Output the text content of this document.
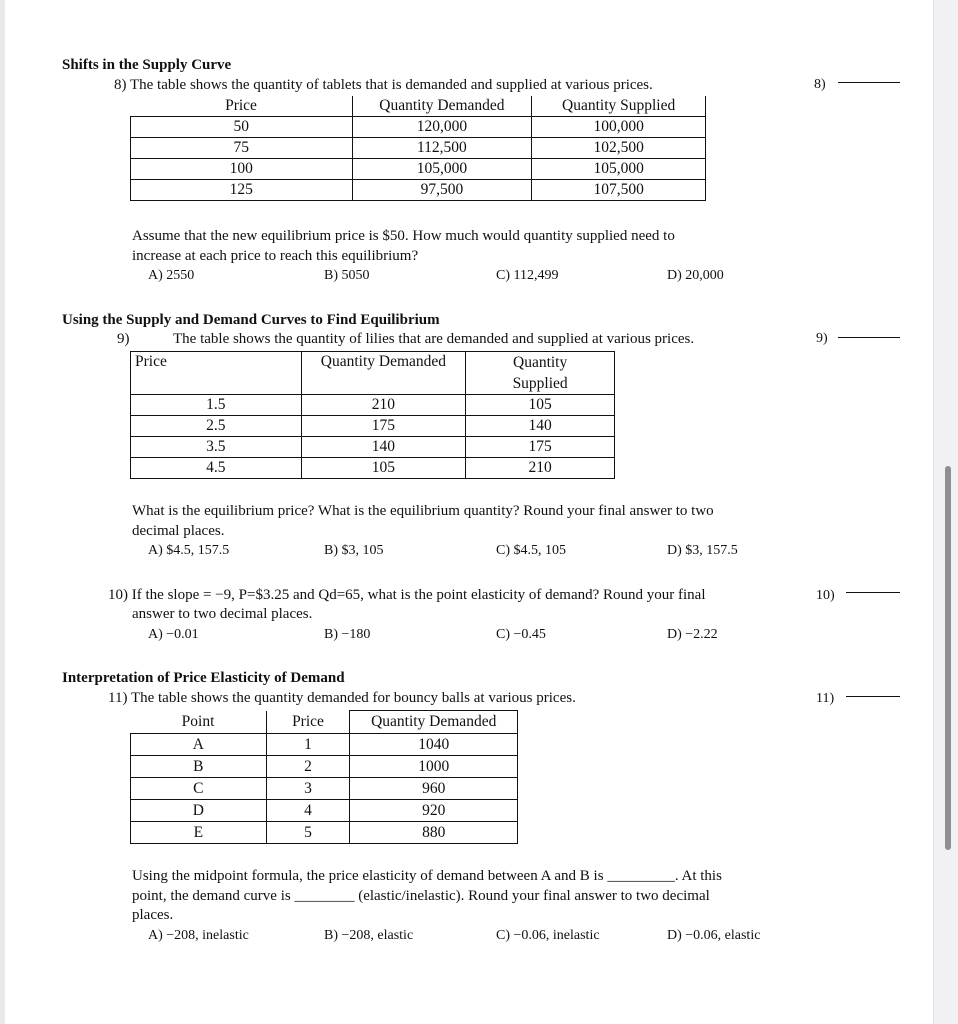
Shifts in the Supply Curve
8) The table shows the quantity of tablets that is demanded and supplied at various prices.	8)
Price	Quantity Demanded	Quantity Supplied
50	120,000	100,000
75	112,500	102,500
100	105,000	105,000
125	97,500	107,500
Assume that the new equilibrium price is $50. How much would quantity supplied need to
increase at each price to reach this equilibrium?
A) 2550	B) 5050	C) 112,499	D) 20,000
Using the Supply and Demand Curves to Find Equilibrium
9)	The table shows the quantity of lilies that are demanded and supplied at various prices.	9)
Price	Quantity Demanded	Quantity
Supplied

1.5	210	105
2.5	175	140
3.5	140	175
4.5	105	210
What is the equilibrium price? What is the equilibrium quantity? Round your final answer to two
decimal places.
A) $4.5, 157.5	B) $3, 105	C) $4.5, 105	D) $3, 157.5
10) If the slope = −9, P=$3.25 and Qd=65, what is the point elasticity of demand? Round your final
answer to two decimal places.
10)
A) −0.01	B) −180	C) −0.45	D) −2.22
Interpretation of Price Elasticity of Demand
11) The table shows the quantity demanded for bouncy balls at various prices.	11)
Point	Price	Quantity Demanded
A	1	1040
B	2	1000
C	3	960
D	4	920
E	5	880
Using the midpoint formula, the price elasticity of demand between A and B is _________. At this
point, the demand curve is ________ (elastic/inelastic). Round your final answer to two decimal
places.
A) −208, inelastic	B) −208, elastic	C) −0.06, inelastic	D) −0.06, elastic
